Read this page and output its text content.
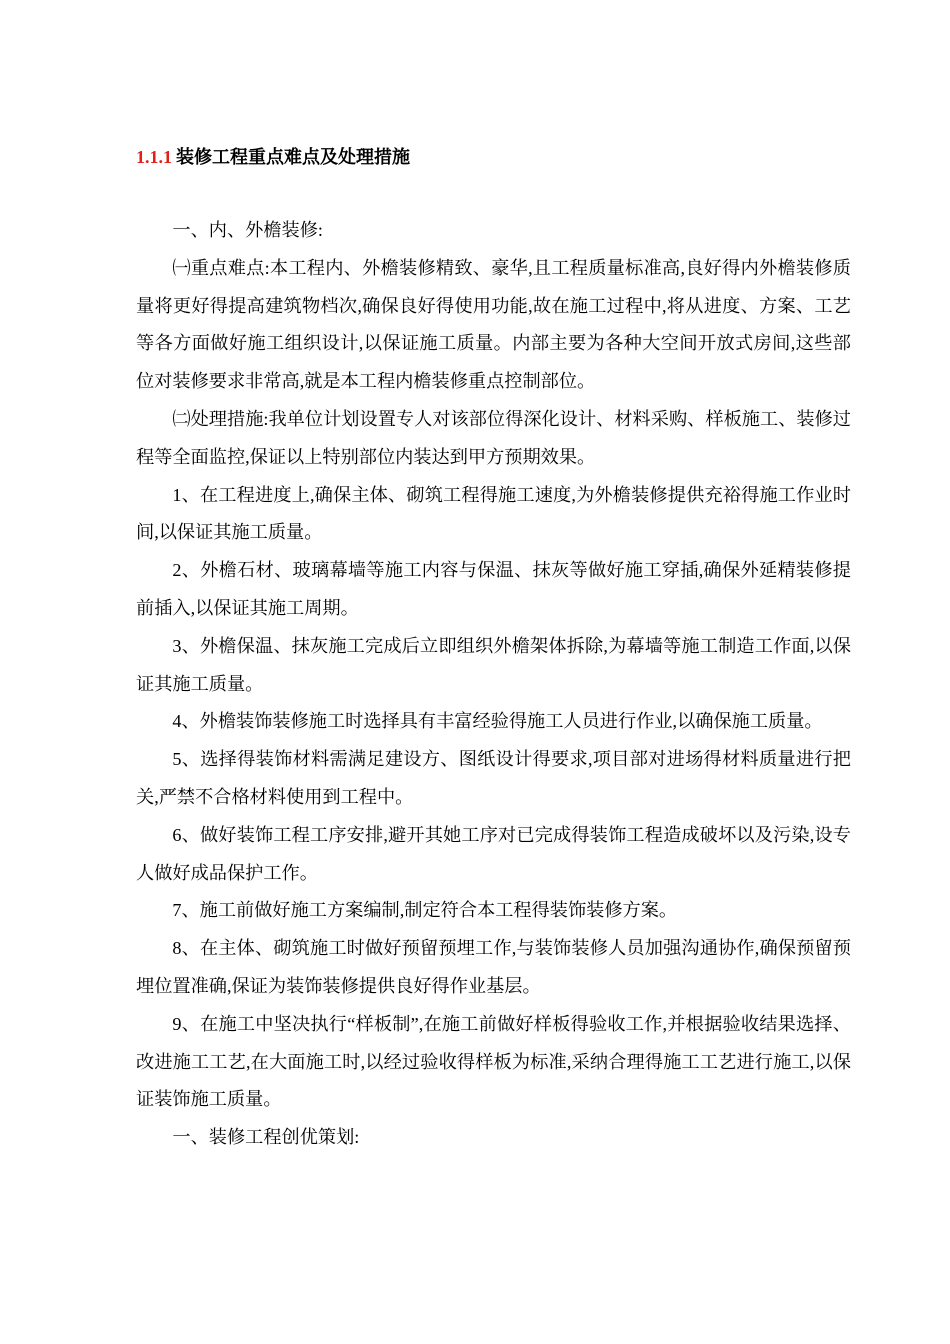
1.1.1 装修工程重点难点及处理措施

一、内、外檐装修:

㈠重点难点:本工程内、外檐装修精致、豪华,且工程质量标准高,良好得内外檐装修质量将更好得提高建筑物档次,确保良好得使用功能,故在施工过程中,将从进度、方案、工艺等各方面做好施工组织设计,以保证施工质量。内部主要为各种大空间开放式房间,这些部位对装修要求非常高,就是本工程内檐装修重点控制部位。

㈡处理措施:我单位计划设置专人对该部位得深化设计、材料采购、样板施工、装修过程等全面监控,保证以上特别部位内装达到甲方预期效果。

1、在工程进度上,确保主体、砌筑工程得施工速度,为外檐装修提供充裕得施工作业时间,以保证其施工质量。

2、外檐石材、玻璃幕墙等施工内容与保温、抹灰等做好施工穿插,确保外延精装修提前插入,以保证其施工周期。

3、外檐保温、抹灰施工完成后立即组织外檐架体拆除,为幕墙等施工制造工作面,以保证其施工质量。

4、外檐装饰装修施工时选择具有丰富经验得施工人员进行作业,以确保施工质量。

5、选择得装饰材料需满足建设方、图纸设计得要求,项目部对进场得材料质量进行把关,严禁不合格材料使用到工程中。

6、做好装饰工程工序安排,避开其她工序对已完成得装饰工程造成破坏以及污染,设专人做好成品保护工作。

7、施工前做好施工方案编制,制定符合本工程得装饰装修方案。

8、在主体、砌筑施工时做好预留预埋工作,与装饰装修人员加强沟通协作,确保预留预埋位置准确,保证为装饰装修提供良好得作业基层。

9、在施工中坚决执行“样板制”,在施工前做好样板得验收工作,并根据验收结果选择、改进施工工艺,在大面施工时,以经过验收得样板为标准,采纳合理得施工工艺进行施工,以保证装饰施工质量。

一、装修工程创优策划:
